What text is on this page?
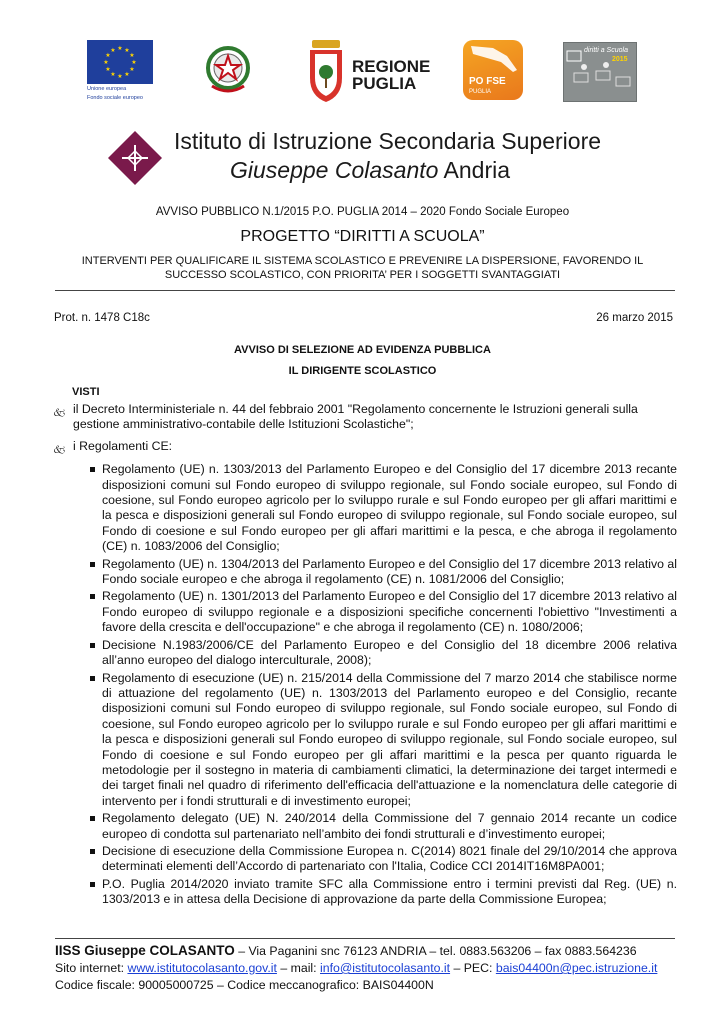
★ ★
★
★
★
★
★
★
★
★
★
★
Unione europea
Fondo sociale europeo
REGIONE
PUGLIA	PO FSE
PUGLIA
diritti a Scuola
2015
Istituto di Istruzione Secondaria Superiore
Giuseppe Colasanto Andria
AVVISO PUBBLICO N.1/2015 P.O. PUGLIA 2014 – 2020 Fondo Sociale Europeo
PROGETTO “DIRITTI A SCUOLA”
INTERVENTI PER QUALIFICARE IL SISTEMA SCOLASTICO E PREVENIRE LA DISPERSIONE, FAVORENDO IL
SUCCESSO SCOLASTICO, CON PRIORITA’ PER I SOGGETTI SVANTAGGIATI
Prot. n. 1478 C18c	26 marzo 2015
AVVISO DI SELEZIONE AD EVIDENZA PUBBLICA
IL DIRIGENTE SCOLASTICO
VISTI

🙵 il Decreto Interministeriale n. 44 del febbraio 2001 "Regolamento concernente le Istruzioni generali sulla gestione amministrativo-contabile delle Istituzioni Scolastiche";

🙵 i Regolamenti CE:

Regolamento (UE) n. 1303/2013 del Parlamento Europeo e del Consiglio del 17 dicembre 2013 recante disposizioni comuni sul Fondo europeo di sviluppo regionale, sul Fondo sociale europeo, sul Fondo di coesione, sul Fondo europeo agricolo per lo sviluppo rurale e sul Fondo europeo per gli affari marittimi e la pesca e disposizioni generali sul Fondo europeo di sviluppo regionale, sul Fondo sociale europeo, sul Fondo di coesione e sul Fondo europeo per gli affari marittimi e la pesca, e che abroga il regolamento (CE) n. 1083/2006 del Consiglio;
Regolamento (UE) n. 1304/2013 del Parlamento Europeo e del Consiglio del 17 dicembre 2013 relativo al Fondo sociale europeo e che abroga il regolamento (CE) n. 1081/2006 del Consiglio;
Regolamento (UE) n. 1301/2013 del Parlamento Europeo e del Consiglio del 17 dicembre 2013 relativo al Fondo europeo di sviluppo regionale e a disposizioni specifiche concernenti l'obiettivo "Investimenti a favore della crescita e dell'occupazione" e che abroga il regolamento (CE) n. 1080/2006;
Decisione N.1983/2006/CE del Parlamento Europeo e del Consiglio del 18 dicembre 2006 relativa all’anno europeo del dialogo interculturale, 2008);
Regolamento di esecuzione (UE) n. 215/2014 della Commissione del 7 marzo 2014 che stabilisce norme di attuazione del regolamento (UE) n. 1303/2013 del Parlamento europeo e del Consiglio, recante disposizioni comuni sul Fondo europeo di sviluppo regionale, sul Fondo sociale europeo, sul Fondo di coesione, sul Fondo europeo agricolo per lo sviluppo rurale e sul Fondo europeo per gli affari marittimi e la pesca e disposizioni generali sul Fondo europeo di sviluppo regionale, sul Fondo sociale europeo, sul Fondo di coesione e sul Fondo europeo per gli affari marittimi e la pesca per quanto riguarda le metodologie per il sostegno in materia di cambiamenti climatici, la determinazione dei target intermedi e dei target finali nel quadro di riferimento dell'efficacia dell'attuazione e la nomenclatura delle categorie di intervento per i fondi strutturali e di investimento europei;
Regolamento delegato (UE) N. 240/2014 della Commissione del 7 gennaio 2014 recante un codice europeo di condotta sul partenariato nell’ambito dei fondi strutturali e d’investimento europei;
Decisione di esecuzione della Commissione Europea n. C(2014) 8021 finale del 29/10/2014 che approva determinati elementi dell’Accordo di partenariato con l'Italia, Codice CCI 2014IT16M8PA001;
P.O. Puglia 2014/2020 inviato tramite SFC alla Commissione entro i termini previsti dal Reg. (UE) n. 1303/2013 e in attesa della Decisione di approvazione da parte della Commissione Europea;
IISS Giuseppe COLASANTO – Via Paganini snc 76123 ANDRIA – tel. 0883.563206 – fax 0883.564236
Sito internet: www.istitutocolasanto.gov.it – mail: info@istitutocolasanto.it – PEC: bais04400n@pec.istruzione.it
Codice fiscale: 90005000725 – Codice meccanografico: BAIS04400N
